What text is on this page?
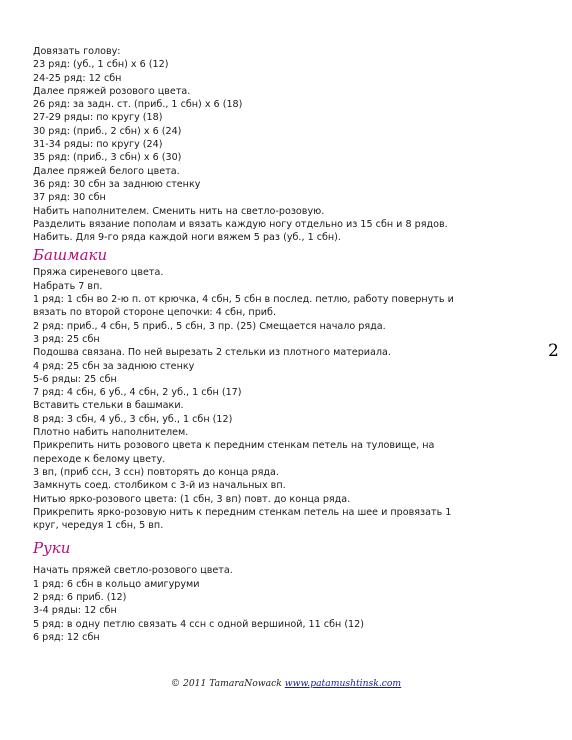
Довязать голову:
23 ряд: (уб., 1 сбн) х 6 (12)
24-25 ряд: 12 сбн
Далее пряжей розового цвета.
26 ряд: за задн. ст. (приб., 1 сбн) х 6 (18)
27-29 ряды: по кругу (18)
30 ряд: (приб., 2 сбн) х 6 (24)
31-34 ряды: по кругу (24)
35 ряд: (приб., 3 сбн) х 6 (30)
Далее пряжей белого цвета.
36 ряд: 30 сбн за заднюю стенку
37 ряд: 30 сбн
Набить наполнителем. Сменить нить на светло-розовую.
Разделить вязание пополам и вязать каждую ногу отдельно из 15 сбн и 8 рядов.
Набить. Для 9-го ряда каждой ноги вяжем 5 раз (уб., 1 сбн).
Башмаки
Пряжа сиреневого цвета.
Набрать 7 вп.
1 ряд: 1 сбн во 2-ю п. от крючка, 4 сбн, 5 сбн в послед. петлю, работу повернуть и
вязать по второй стороне цепочки: 4 сбн, приб.
2 ряд: приб., 4 сбн, 5 приб., 5 сбн, 3 пр. (25) Смещается начало ряда.
3 ряд: 25 сбн
Подошва связана. По ней вырезать 2 стельки из плотного материала.
4 ряд: 25 сбн за заднюю стенку
5-6 ряды: 25 сбн
7 ряд: 4 сбн, 6 уб., 4 сбн, 2 уб., 1 сбн (17)
Вставить стельки в башмаки.
8 ряд: 3 сбн, 4 уб., 3 сбн, уб., 1 сбн (12)
Плотно набить наполнителем.
Прикрепить нить розового цвета к передним стенкам петель на туловище, на
переходе к белому цвету.
3 вп, (приб ссн, 3 ссн) повторять до конца ряда.
Замкнуть соед. столбиком с 3-й из начальных вп.
Нитью ярко-розового цвета: (1 сбн, 3 вп) повт. до конца ряда.
Прикрепить ярко-розовую нить к передним стенкам петель на шее и провязать 1
круг, чередуя 1 сбн, 5 вп.
Руки
Начать пряжей светло-розового цвета.
1 ряд: 6 сбн в кольцо амигуруми
2 ряд: 6 приб. (12)
3-4 ряды: 12 сбн
5 ряд: в одну петлю связать 4 ссн с одной вершиной, 11 сбн (12)
6 ряд: 12 сбн
2
© 2011 TamaraNowack www.patamushtinsk.com
